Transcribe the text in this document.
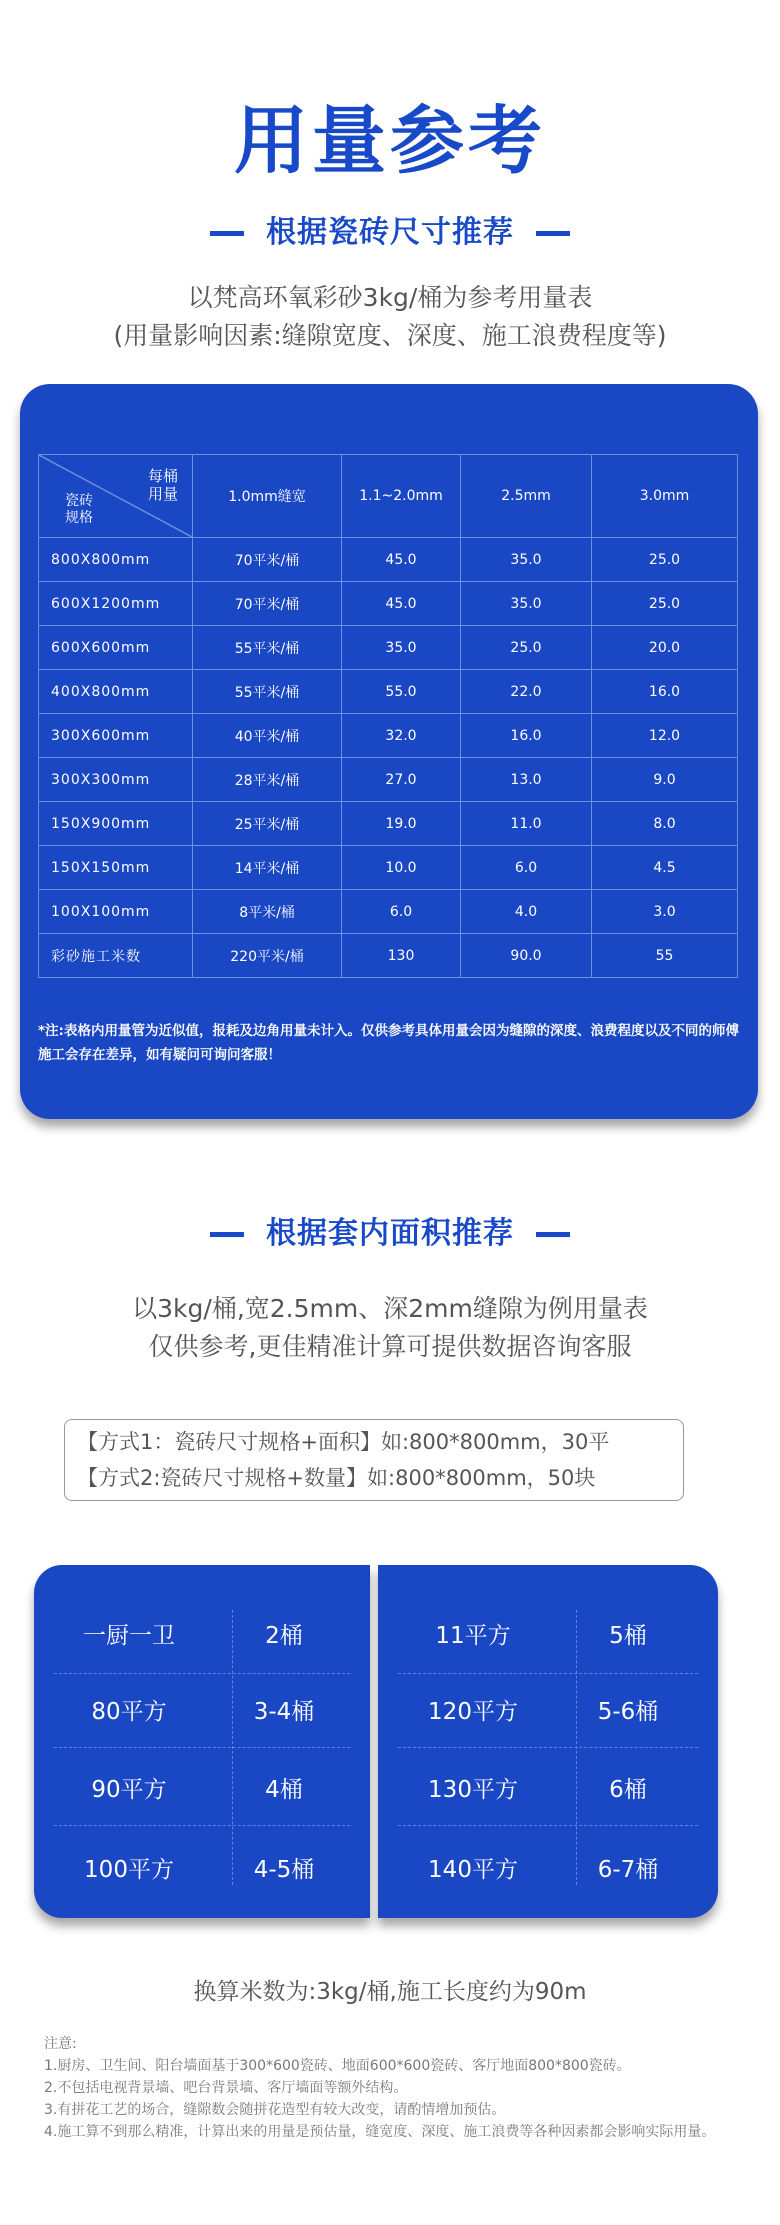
用量参考
根据瓷砖尺寸推荐
以梵高环氧彩砂3kg/桶为参考用量表
(用量影响因素:缝隙宽度、深度、施工浪费程度等)
每桶
用量
瓷砖
规格	1.0mm缝宽	1.1~2.0mm	2.5mm	3.0mm
800X800mm	70平米/桶	45.0	35.0	25.0
600X1200mm	70平米/桶	45.0	35.0	25.0
600X600mm	55平米/桶	35.0	25.0	20.0
400X800mm	55平米/桶	55.0	22.0	16.0
300X600mm	40平米/桶	32.0	16.0	12.0
300X300mm	28平米/桶	27.0	13.0	9.0
150X900mm	25平米/桶	19.0	11.0	8.0
150X150mm	14平米/桶	10.0	6.0	4.5
100X100mm	8平米/桶	6.0	4.0	3.0
彩砂施工米数	220平米/桶	130	90.0	55
*注:表格内用量管为近似值，报耗及边角用量未计入。仅供参考具体用量会因为缝隙的深度、浪费程度以及不同的师傅施工会存在差异，如有疑问可询问客服！
根据套内面积推荐
以3kg/桶,宽2.5mm、深2mm缝隙为例用量表
仅供参考,更佳精准计算可提供数据咨询客服
【方式1：瓷砖尺寸规格+面积】如:800*800mm，30平
【方式2:瓷砖尺寸规格+数量】如:800*800mm，50块
一厨一卫	2桶
80平方	3-4桶
90平方	4桶
100平方	4-5桶
11平方	5桶
120平方	5-6桶
130平方	6桶
140平方	6-7桶
换算米数为:3kg/桶,施工长度约为90m
注意:
1.厨房、卫生间、阳台墙面基于300*600瓷砖、地面600*600瓷砖、客厅地面800*800瓷砖。
2.不包括电视背景墙、吧台背景墙、客厅墙面等额外结构。
3.有拼花工艺的场合，缝隙数会随拼花造型有较大改变，请酌情增加预估。
4.施工算不到那么精准，计算出来的用量是预估量，缝宽度、深度、施工浪费等各种因素都会影响实际用量。
